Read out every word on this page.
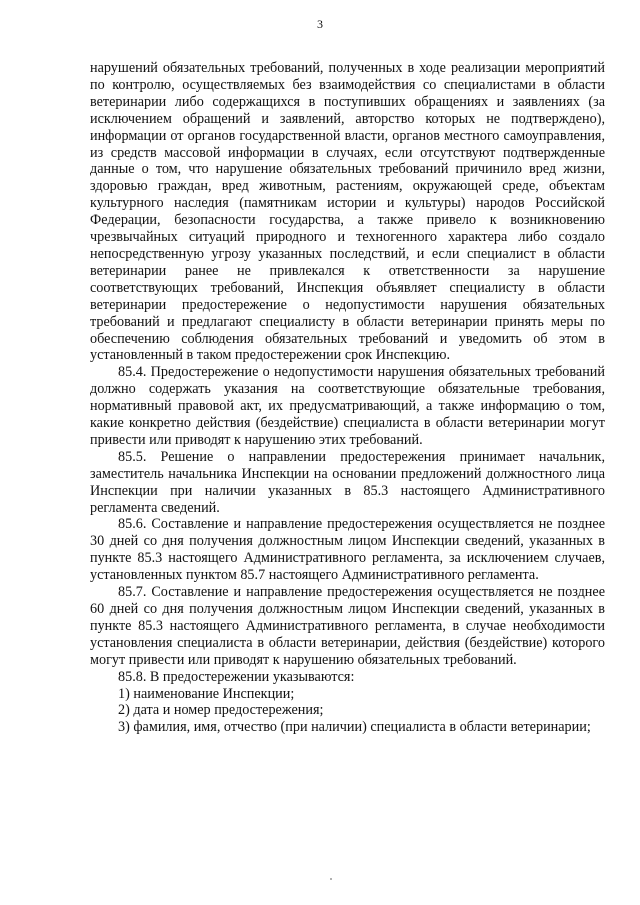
3

нарушений обязательных требований, полученных в ходе реализации мероприятий по контролю, осуществляемых без взаимодействия со специалистами в области ветеринарии либо содержащихся в поступивших обращениях и заявлениях (за исключением обращений и заявлений, авторство которых не подтверждено), информации от органов государственной власти, органов местного самоуправления, из средств массовой информации в случаях, если отсутствуют подтвержденные данные о том, что нарушение обязательных требований причинило вред жизни, здоровью граждан, вред животным, растениям, окружающей среде, объектам культурного наследия (памятникам истории и культуры) народов Российской Федерации, безопасности государства, а также привело к возникновению чрезвычайных ситуаций природного и техногенного характера либо создало непосредственную угрозу указанных последствий, и если специалист в области ветеринарии ранее не привлекался к ответственности за нарушение соответствующих требований, Инспекция объявляет специалисту в области ветеринарии предостережение о недопустимости нарушения обязательных требований и предлагают специалисту в области ветеринарии принять меры по обеспечению соблюдения обязательных требований и уведомить об этом в установленный в таком предостережении срок Инспекцию.

85.4. Предостережение о недопустимости нарушения обязательных требований должно содержать указания на соответствующие обязательные требования, нормативный правовой акт, их предусматривающий, а также информацию о том, какие конкретно действия (бездействие) специалиста в области ветеринарии могут привести или приводят к нарушению этих требований.

85.5. Решение о направлении предостережения принимает начальник, заместитель начальника Инспекции на основании предложений должностного лица Инспекции при наличии указанных в 85.3 настоящего Административного регламента сведений.

85.6. Составление и направление предостережения осуществляется не позднее 30 дней со дня получения должностным лицом Инспекции сведений, указанных в пункте 85.3 настоящего Административного регламента, за исключением случаев, установленных пунктом 85.7 настоящего Административного регламента.

85.7. Составление и направление предостережения осуществляется не позднее 60 дней со дня получения должностным лицом Инспекции сведений, указанных в пункте 85.3 настоящего Административного регламента, в случае необходимости установления специалиста в области ветеринарии, действия (бездействие) которого могут привести или приводят к нарушению обязательных требований.

85.8. В предостережении указываются:

1) наименование Инспекции;

2) дата и номер предостережения;

3) фамилия, имя, отчество (при наличии) специалиста в области ветеринарии;
